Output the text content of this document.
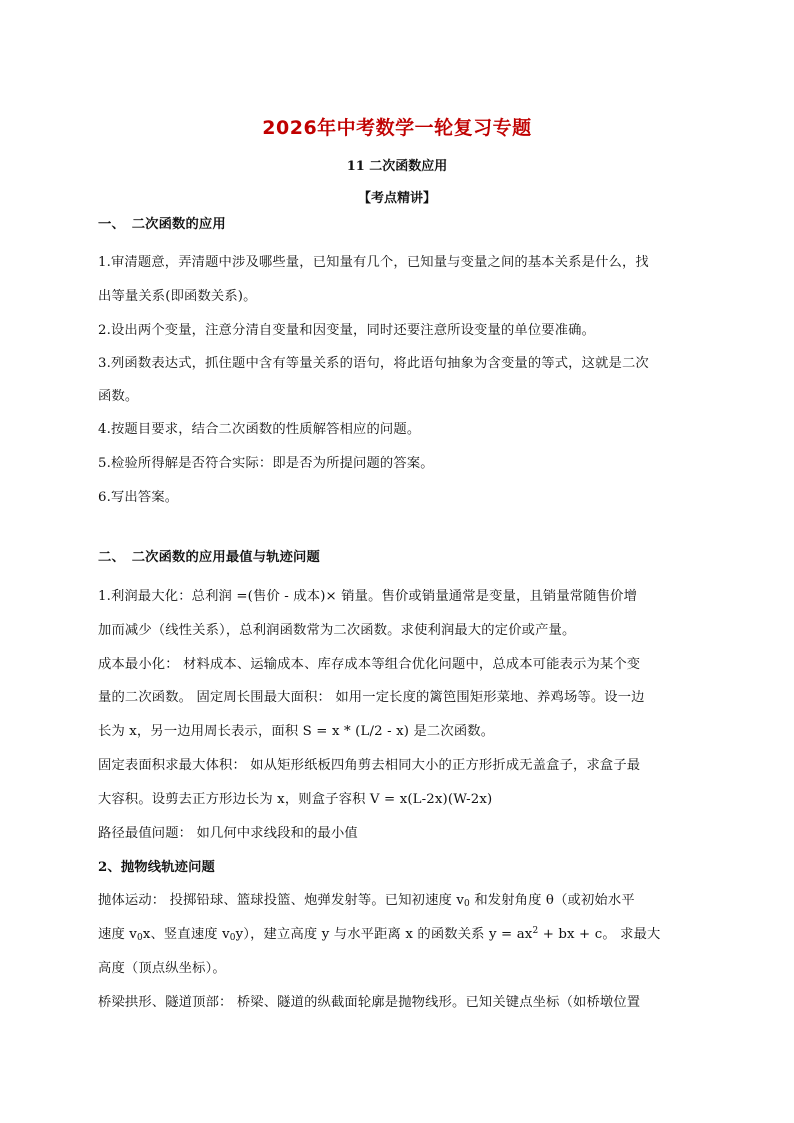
2026年中考数学一轮复习专题
11 二次函数应用
【考点精讲】
一、　二次函数的应用
1.审清题意，弄清题中涉及哪些量，已知量有几个，已知量与变量之间的基本关系是什么，找
出等量关系(即函数关系)。
2.设出两个变量，注意分清自变量和因变量，同时还要注意所设变量的单位要准确。
3.列函数表达式，抓住题中含有等量关系的语句，将此语句抽象为含变量的等式，这就是二次
函数。
4.按题目要求，结合二次函数的性质解答相应的问题。
5.检验所得解是否符合实际：即是否为所提问题的答案。
6.写出答案。
二、　二次函数的应用最值与轨迹问题
1.利润最大化：总利润 =(售价 - 成本)× 销量。售价或销量通常是变量，且销量常随售价增
加而减少（线性关系），总利润函数常为二次函数。求使利润最大的定价或产量。
成本最小化： 材料成本、运输成本、库存成本等组合优化问题中，总成本可能表示为某个变
量的二次函数。 固定周长围最大面积： 如用一定长度的篱笆围矩形菜地、养鸡场等。设一边
长为 x，另一边用周长表示，面积 S = x * (L/2 - x) 是二次函数。
固定表面积求最大体积： 如从矩形纸板四角剪去相同大小的正方形折成无盖盒子，求盒子最
大容积。设剪去正方形边长为 x，则盒子容积 V = x(L-2x)(W-2x)
路径最值问题： 如几何中求线段和的最小值
2、抛物线轨迹问题
抛体运动： 投掷铅球、篮球投篮、炮弹发射等。已知初速度 $v_0$ 和发射角度 θ（或初始水平
速度 $v_0x$、竖直速度 $v_0y$），建立高度 y 与水平距离 x 的函数关系 $y = ax^2$ + bx + c。 求最大
高度（顶点纵坐标）。
桥梁拱形、隧道顶部： 桥梁、隧道的纵截面轮廓是抛物线形。已知关键点坐标（如桥墩位置
